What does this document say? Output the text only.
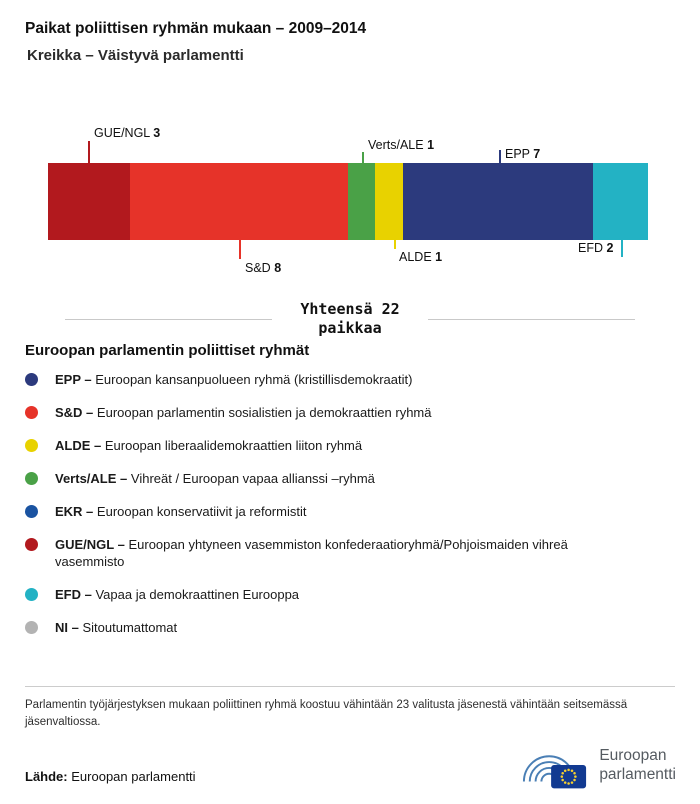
Paikat poliittisen ryhmän mukaan – 2009–2014
Kreikka – Väistyvä parlamentti
GUE/NGL 3
Verts/ALE 1
EPP 7
S&D 8
ALDE 1
EFD 2
Yhteensä 22
paikkaa
Euroopan parlamentin poliittiset ryhmät

EPP – Euroopan kansanpuolueen ryhmä (kristillisdemokraatit)

S&D – Euroopan parlamentin sosialistien ja demokraattien ryhmä

ALDE – Euroopan liberaalidemokraattien liiton ryhmä

Verts/ALE – Vihreät / Euroopan vapaa allianssi –ryhmä

EKR – Euroopan konservatiivit ja reformistit

GUE/NGL – Euroopan yhtyneen vasemmiston konfederaatioryhmä/Pohjoismaiden vihreä vasemmisto

EFD – Vapaa ja demokraattinen Eurooppa

NI – Sitoutumattomat

Parlamentin työjärjestyksen mukaan poliittinen ryhmä koostuu vähintään 23 valitusta jäsenestä vähintään seitsemässä jäsenvaltiossa.

Lähde: Euroopan parlamentti

Euroopan
parlamentti
